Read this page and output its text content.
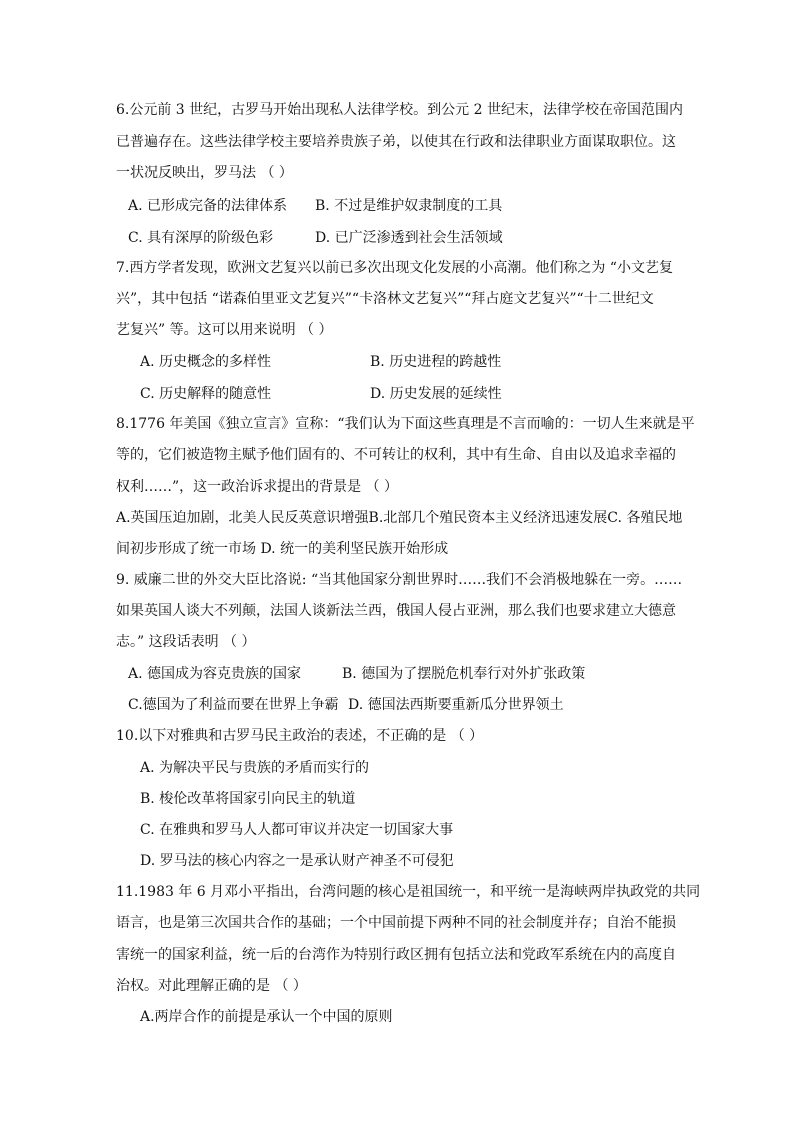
6.公元前 3 世纪，古罗马开始出现私人法律学校。到公元 2 世纪末，法律学校在帝国范围内
已普遍存在。这些法律学校主要培养贵族子弟，以使其在行政和法律职业方面谋取职位。这
一状况反映出，罗马法 （ ）
A. 已形成完备的法律体系 B. 不过是维护奴隶制度的工具
C. 具有深厚的阶级色彩	D. 已广泛渗透到社会生活领域
7.西方学者发现，欧洲文艺复兴以前已多次出现文化发展的小高潮。他们称之为 “小文艺复
兴”，其中包括 “诺森伯里亚文艺复兴”“卡洛林文艺复兴”“拜占庭文艺复兴”“十二世纪文
艺复兴” 等。这可以用来说明 （ ）
A. 历史概念的多样性	B. 历史进程的跨越性
C. 历史解释的随意性	D. 历史发展的延续性
8.1776 年美国《独立宣言》宣称：“我们认为下面这些真理是不言而喻的：一切人生来就是平
等的，它们被造物主赋予他们固有的、不可转让的权利，其中有生命、自由以及追求幸福的
权利……”，这一政治诉求提出的背景是 （ ）
A.英国压迫加剧，北美人民反英意识增强B.北部几个殖民资本主义经济迅速发展C. 各殖民地
间初步形成了统一市场 D. 统一的美利坚民族开始形成
9. 威廉二世的外交大臣比洛说: “当其他国家分割世界时……我们不会消极地躲在一旁。……
如果英国人谈大不列颠，法国人谈新法兰西，俄国人侵占亚洲，那么我们也要求建立大德意
志。” 这段话表明 （ ）
A. 德国成为容克贵族的国家	B. 德国为了摆脱危机奉行对外扩张政策
C.德国为了利益而要在世界上争霸 D. 德国法西斯要重新瓜分世界领土
10.以下对雅典和古罗马民主政治的表述，不正确的是 （ ）
A. 为解决平民与贵族的矛盾而实行的
B. 梭伦改革将国家引向民主的轨道
C. 在雅典和罗马人人都可审议并决定一切国家大事
D. 罗马法的核心内容之一是承认财产神圣不可侵犯
11.1983 年 6 月邓小平指出，台湾问题的核心是祖国统一，和平统一是海峡两岸执政党的共同
语言，也是第三次国共合作的基础；一个中国前提下两种不同的社会制度并存；自治不能损
害统一的国家利益，统一后的台湾作为特别行政区拥有包括立法和党政军系统在内的高度自
治权。对此理解正确的是 （ ）
A.两岸合作的前提是承认一个中国的原则
